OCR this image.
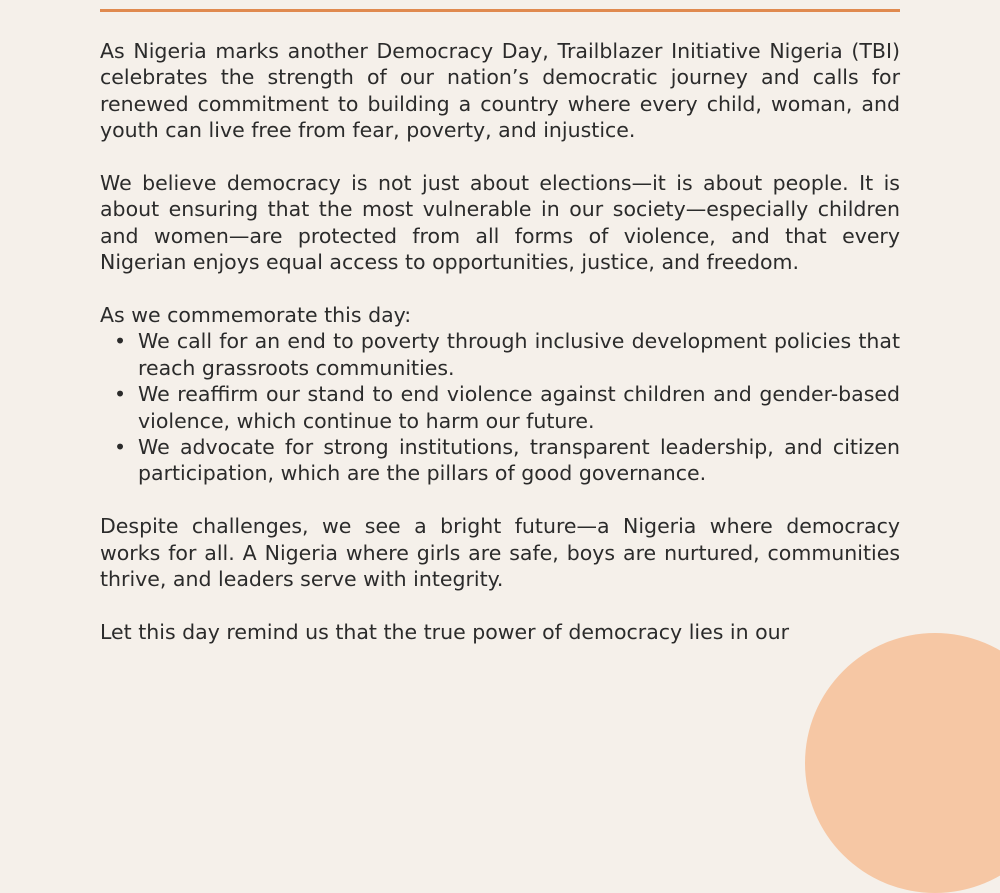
As Nigeria marks another Democracy Day, Trailblazer Initiative Nigeria (TBI) celebrates the strength of our nation’s democratic journey and calls for renewed commitment to building a country where every child, woman, and youth can live free from fear, poverty, and injustice.

We believe democracy is not just about elections—it is about people. It is about ensuring that the most vulnerable in our society—especially children and women—are protected from all forms of violence, and that every Nigerian enjoys equal access to opportunities, justice, and freedom.

As we commemorate this day:

• We call for an end to poverty through inclusive development policies that reach grassroots communities.
• We reaffirm our stand to end violence against children and gender-based violence, which continue to harm our future.
• We advocate for strong institutions, transparent leadership, and citizen participation, which are the pillars of good governance.

Despite challenges, we see a bright future—a Nigeria where democracy works for all. A Nigeria where girls are safe, boys are nurtured, communities thrive, and leaders serve with integrity.

Let this day remind us that the true power of democracy lies in our
